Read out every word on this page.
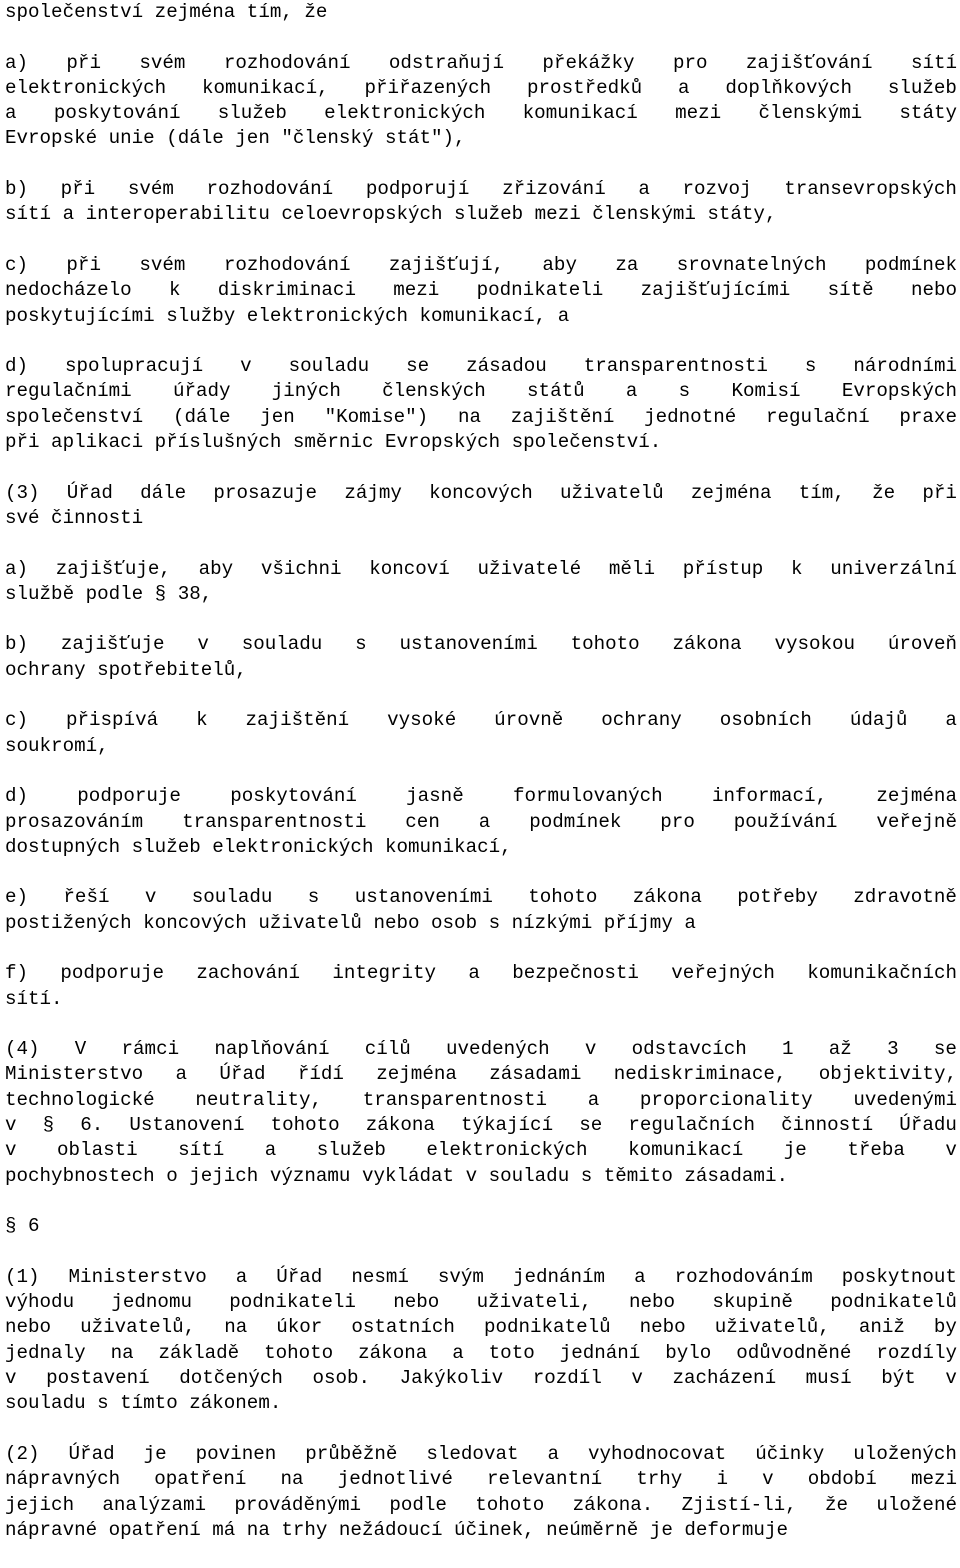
společenství zejména tím, že
a) při svém rozhodování odstraňují překážky pro zajišťování sítí
elektronických komunikací, přiřazených prostředků a doplňkových služeb
a poskytování služeb elektronických komunikací mezi členskými státy
Evropské unie (dále jen "členský stát"),
b) při svém rozhodování podporují zřizování a rozvoj transevropských
sítí a interoperabilitu celoevropských služeb mezi členskými státy,
c) při svém rozhodování zajišťují, aby za srovnatelných podmínek
nedocházelo k diskriminaci mezi podnikateli zajišťujícími sítě nebo
poskytujícími služby elektronických komunikací, a
d) spolupracují v souladu se zásadou transparentnosti s národními
regulačními úřady jiných členských států a s Komisí Evropských
společenství (dále jen "Komise") na zajištění jednotné regulační praxe
při aplikaci příslušných směrnic Evropských společenství.
(3) Úřad dále prosazuje zájmy koncových uživatelů zejména tím, že při
své činnosti
a) zajišťuje, aby všichni koncoví uživatelé měli přístup k univerzální
službě podle § 38,
b) zajišťuje v souladu s ustanoveními tohoto zákona vysokou úroveň
ochrany spotřebitelů,
c) přispívá k zajištění vysoké úrovně ochrany osobních údajů a
soukromí,
d)	podporuje	poskytování	jasně	formulovaných	informací,	zejména
prosazováním transparentnosti cen a podmínek pro používání veřejně
dostupných služeb elektronických komunikací,
e) řeší v souladu s ustanoveními tohoto zákona potřeby zdravotně
postižených koncových uživatelů nebo osob s nízkými příjmy a
f) podporuje zachování integrity a bezpečnosti veřejných komunikačních
sítí.
(4) V rámci naplňování cílů uvedených v odstavcích 1 až 3 se
Ministerstvo a Úřad řídí zejména zásadami nediskriminace, objektivity,
technologické neutrality, transparentnosti a proporcionality uvedenými
v § 6. Ustanovení tohoto zákona týkající se regulačních činností Úřadu
v oblasti sítí a služeb elektronických komunikací je třeba v
pochybnostech o jejich významu vykládat v souladu s těmito zásadami.
§ 6
(1) Ministerstvo a Úřad nesmí svým jednáním a rozhodováním poskytnout
výhodu jednomu podnikateli nebo uživateli, nebo skupině podnikatelů
nebo uživatelů, na úkor ostatních podnikatelů nebo uživatelů, aniž by
jednaly na základě tohoto zákona a toto jednání bylo odůvodněné rozdíly
v postavení dotčených osob. Jakýkoliv rozdíl v zacházení musí být v
souladu s tímto zákonem.
(2) Úřad je povinen průběžně sledovat a vyhodnocovat účinky uložených
nápravných opatření na jednotlivé relevantní trhy i v období mezi
jejich analýzami prováděnými podle tohoto zákona. Zjistí-li, že uložené
nápravné opatření má na trhy nežádoucí účinek, neúměrně je deformuje
